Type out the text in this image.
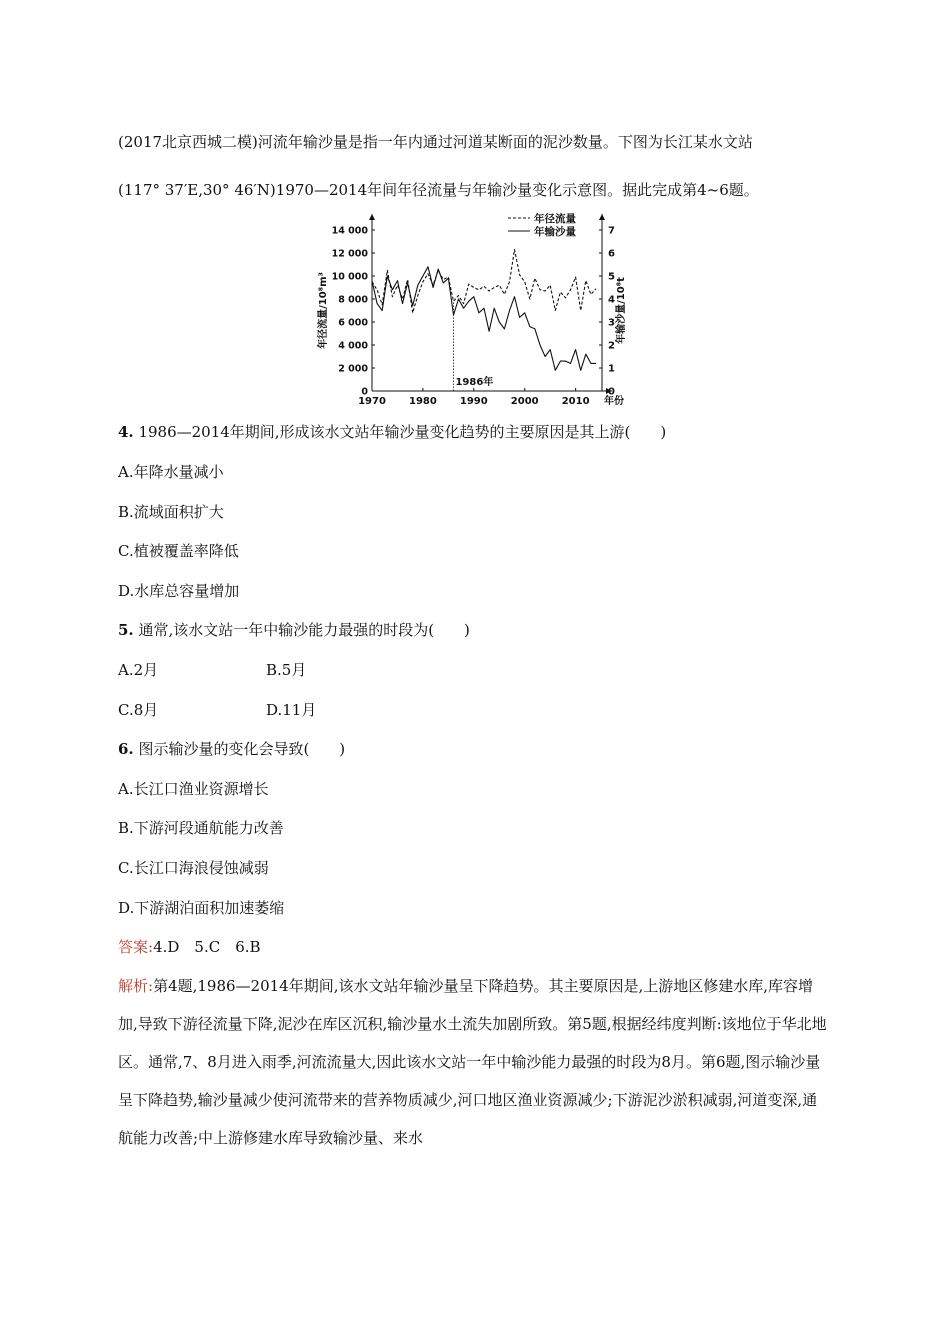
(2017北京西城二模)河流年输沙量是指一年内通过河道某断面的泥沙数量。下图为长江某水文站
(117° 37′E,30° 46′N)1970—2014年间年径流量与年输沙量变化示意图。据此完成第4~6题。
1970 1980 1990 2000 2010 年份
0
2 000
4 000
6 000
8 000
10 000
12 000
14 000
0
1
2
3
4
5
6
7
年径流量/10⁸m³	年输沙量/10⁸t
1986年
年径流量
年输沙量
4. 1986—2014年期间,形成该水文站年输沙量变化趋势的主要原因是其上游(　　)
A.年降水量减小
B.流域面积扩大
C.植被覆盖率降低
D.水库总容量增加
5. 通常,该水文站一年中输沙能力最强的时段为(　　)
A.2月	B.5月
C.8月	D.11月
6. 图示输沙量的变化会导致(　　)
A.长江口渔业资源增长
B.下游河段通航能力改善
C.长江口海浪侵蚀减弱
D.下游湖泊面积加速萎缩
答案:4.D　5.C　6.B
解析:第4题,1986—2014年期间,该水文站年输沙量呈下降趋势。其主要原因是,上游地区修建水库,库容增加,导致下游径流量下降,泥沙在库区沉积,输沙量水土流失加剧所致。第5题,根据经纬度判断:该地位于华北地区。通常,7、8月进入雨季,河流流量大,因此该水文站一年中输沙能力最强的时段为8月。第6题,图示输沙量呈下降趋势,输沙量减少使河流带来的营养物质减少,河口地区渔业资源减少;下游泥沙淤积减弱,河道变深,通航能力改善;中上游修建水库导致输沙量、来水
